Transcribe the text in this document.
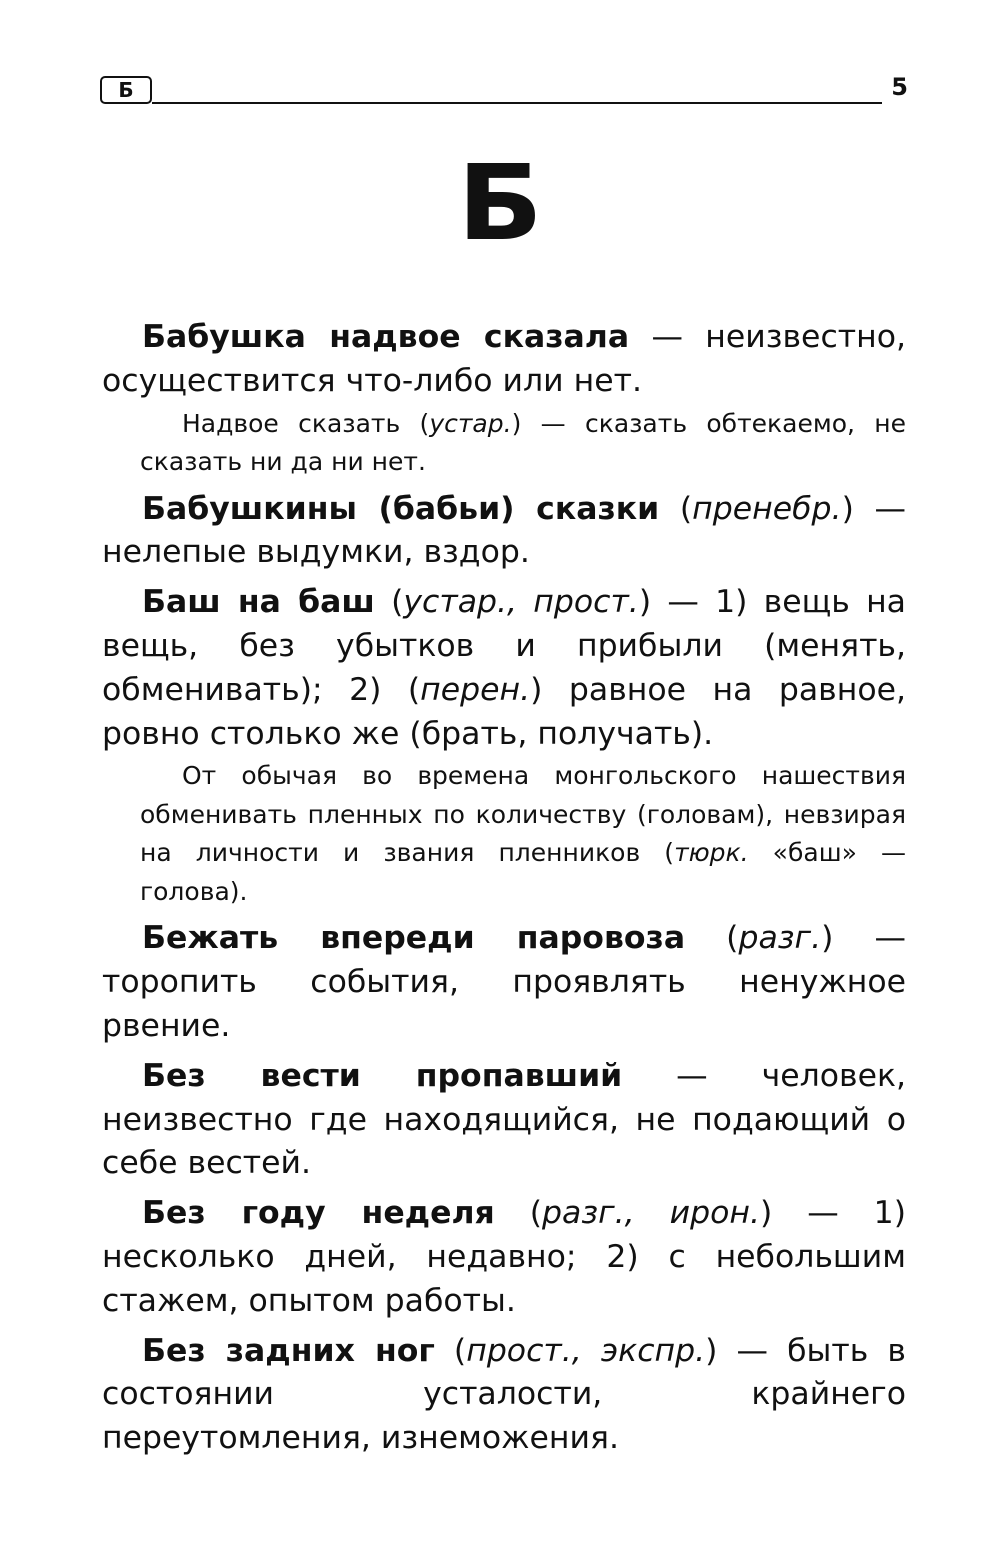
Б	5
Б

Бабушка надвое сказала — неизвестно, осуществится что-либо или нет.

Надвое сказать (устар.) — сказать обтекаемо, не сказать ни да ни нет.

Бабушкины (бабьи) сказки (пренебр.) — нелепые выдумки, вздор.

Баш на баш (устар., прост.) — 1) вещь на вещь, без убытков и прибыли (менять, обменивать); 2) (перен.) равное на равное, ровно столько же (брать, получать).

От обычая во времена монгольского нашествия обменивать пленных по количеству (головам), невзирая на личности и звания пленников (тюрк. «баш» — голова).

Бежать впереди паровоза (разг.) — торопить события, проявлять ненужное рвение.

Без вести пропавший — человек, неизвестно где находящийся, не подающий о себе вестей.

Без году неделя (разг., ирон.) — 1) несколько дней, недавно; 2) с небольшим стажем, опытом работы.

Без задних ног (прост., экспр.) — быть в состоянии усталости, крайнего переутомления, изнеможения.
